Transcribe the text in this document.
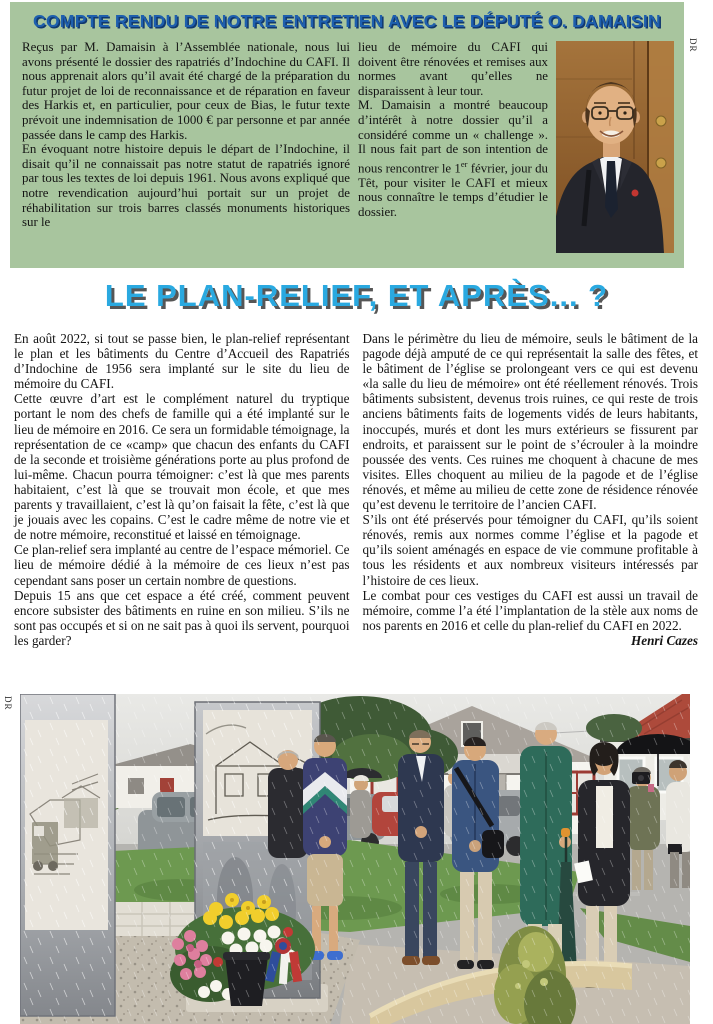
COMPTE RENDU DE NOTRE ENTRETIEN AVEC LE DÉPUTÉ O. DAMAISIN

Reçus par M. Damaisin à l’Assemblée nationale, nous lui avons présenté le dossier des rapatriés d’Indochine du CAFI. Il nous apprenait alors qu’il avait été chargé de la préparation du futur projet de loi de reconnaissance et de réparation en faveur des Harkis et, en particulier, pour ceux de Bias, le futur texte prévoit une indemnisation de 1000 € par personne et par année passée dans le camp des Harkis.

En évoquant notre histoire depuis le départ de l’Indochine, il disait qu’il ne connaissait pas notre statut de rapatriés ignoré par tous les textes de loi depuis 1961. Nous avons expliqué que notre revendication aujourd’hui portait sur un projet de réhabilitation sur trois barres classés monuments historiques sur le

lieu de mémoire du CAFI qui doivent être rénovées et remises aux normes avant qu’elles ne disparaissent à leur tour.

M. Damaisin a montré beaucoup d’intérêt à notre dossier qu’il a considéré comme un « challenge ». Il nous fait part de son intention de nous rencontrer le 1er février, jour du Têt, pour visiter le CAFI et mieux nous connaître le temps d’étudier le dossier.

DR
LE PLAN-RELIEF, ET APRÈS... ?

En août 2022, si tout se passe bien, le plan-relief représentant le plan et les bâtiments du Centre d’Accueil des Rapatriés d’Indochine de 1956 sera implanté sur le site du lieu de mémoire du CAFI.

Cette œuvre d’art est le complément naturel du tryptique portant le nom des chefs de famille qui a été implanté sur le lieu de mémoire en 2016. Ce sera un formidable témoignage, la représentation de ce «camp» que chacun des enfants du CAFI de la seconde et troisième générations porte au plus profond de lui-même. Chacun pourra témoigner: c’est là que mes parents habitaient, c’est là que se trouvait mon école, et que mes parents y travaillaient, c’est là qu’on faisait la fête, c’est là que je jouais avec les copains. C’est le cadre même de notre vie et de notre mémoire, reconstitué et laissé en témoignage.

Ce plan-relief sera implanté au centre de l’espace mémoriel. Ce lieu de mémoire dédié à la mémoire de ces lieux n’est pas cependant sans poser un certain nombre de questions.

Depuis 15 ans que cet espace a été créé, comment peuvent encore subsister des bâtiments en ruine en son milieu. S’ils ne sont pas occupés et si on ne sait pas à quoi ils servent, pourquoi les garder?

Dans le périmètre du lieu de mémoire, seuls le bâtiment de la pagode déjà amputé de ce qui représentait la salle des fêtes, et le bâtiment de l’église se prolongeant vers ce qui est devenu «la salle du lieu de mémoire» ont été réellement rénovés. Trois bâtiments subsistent, devenus trois ruines, ce qui reste de trois anciens bâtiments faits de logements vidés de leurs habitants, inoccupés, murés et dont les murs extérieurs se fissurent par endroits, et paraissent sur le point de s’écrouler à la moindre poussée des vents. Ces ruines me choquent à chacune de mes visites. Elles choquent au milieu de la pagode et de l’église rénovés, et même au milieu de cette zone de résidence rénovée qu’est devenu le territoire de l’ancien CAFI.

S’ils ont été préservés pour témoigner du CAFI, qu’ils soient rénovés, remis aux normes comme l’église et la pagode et qu’ils soient aménagés en espace de vie commune profitable à tous les résidents et aux nombreux visiteurs intéressés par l’histoire de ces lieux.

Le combat pour ces vestiges du CAFI est aussi un travail de mémoire, comme l’a été l’implantation de la stèle aux noms de nos parents en 2016 et celle du plan-relief du CAFI en 2022.
Henri Cazes

DR
